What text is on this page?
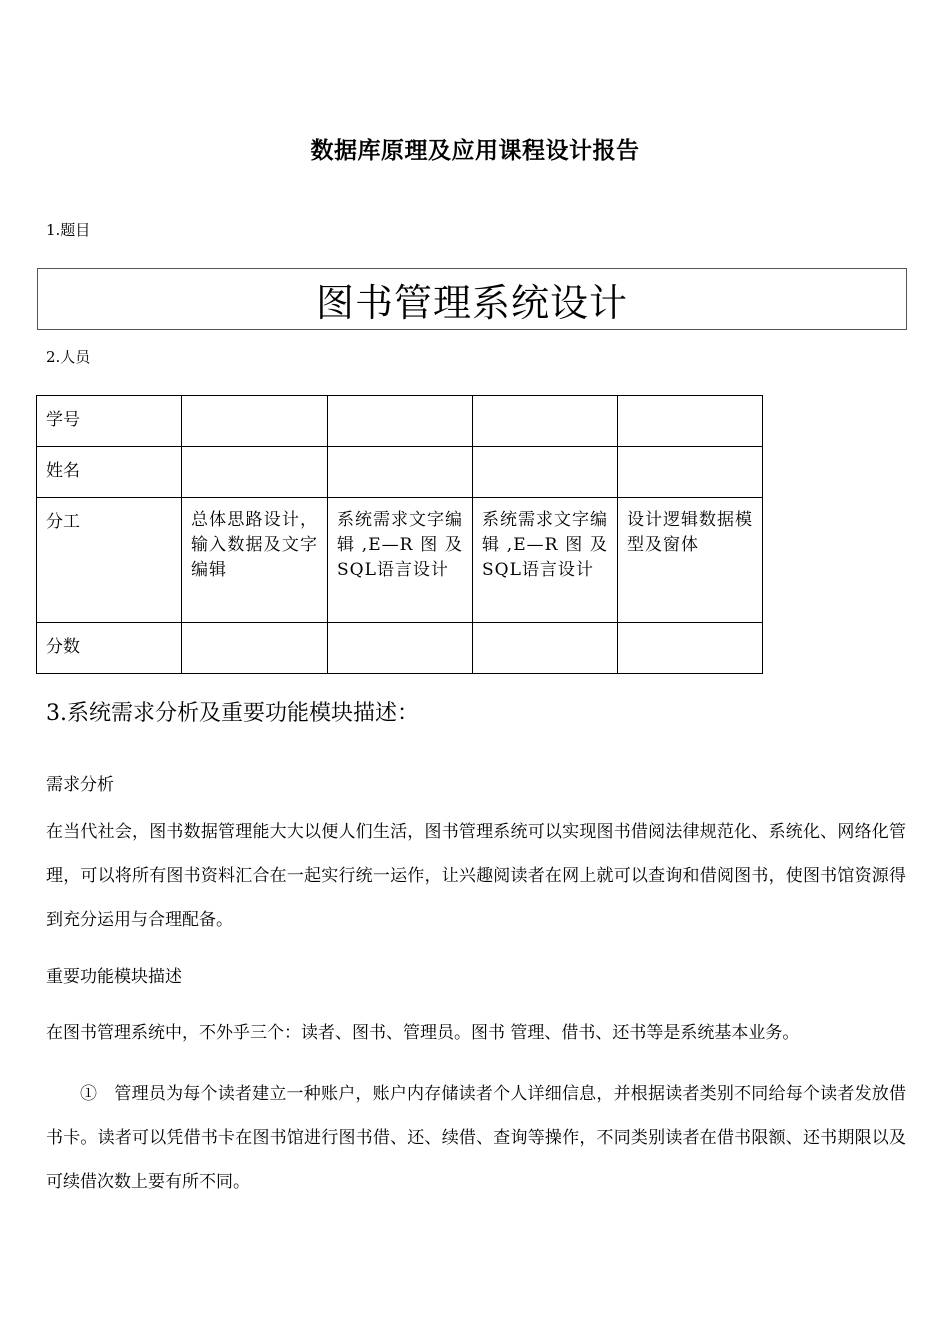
数据库原理及应用课程设计报告
1.题目
图书管理系统设计
2.人员
学号				
姓名				
分工	总体思路设计，输入数据及文字编辑	系统需求文字编辑,E—R图及SQL语言设计	系统需求文字编辑,E—R图及SQL语言设计	设计逻辑数据模型及窗体
分数				
3.系统需求分析及重要功能模块描述：
需求分析
在当代社会，图书数据管理能大大以便人们生活，图书管理系统可以实现图书借阅法律规范化、系统化、网络化管理，可以将所有图书资料汇合在一起实行统一运作，让兴趣阅读者在网上就可以查询和借阅图书，使图书馆资源得到充分运用与合理配备。
重要功能模块描述
在图书管理系统中，不外乎三个：读者、图书、管理员。图书 管理、借书、还书等是系统基本业务。
①　管理员为每个读者建立一种账户，账户内存储读者个人详细信息，并根据读者类别不同给每个读者发放借书卡。读者可以凭借书卡在图书馆进行图书借、还、续借、查询等操作，不同类别读者在借书限额、还书期限以及可续借次数上要有所不同。
